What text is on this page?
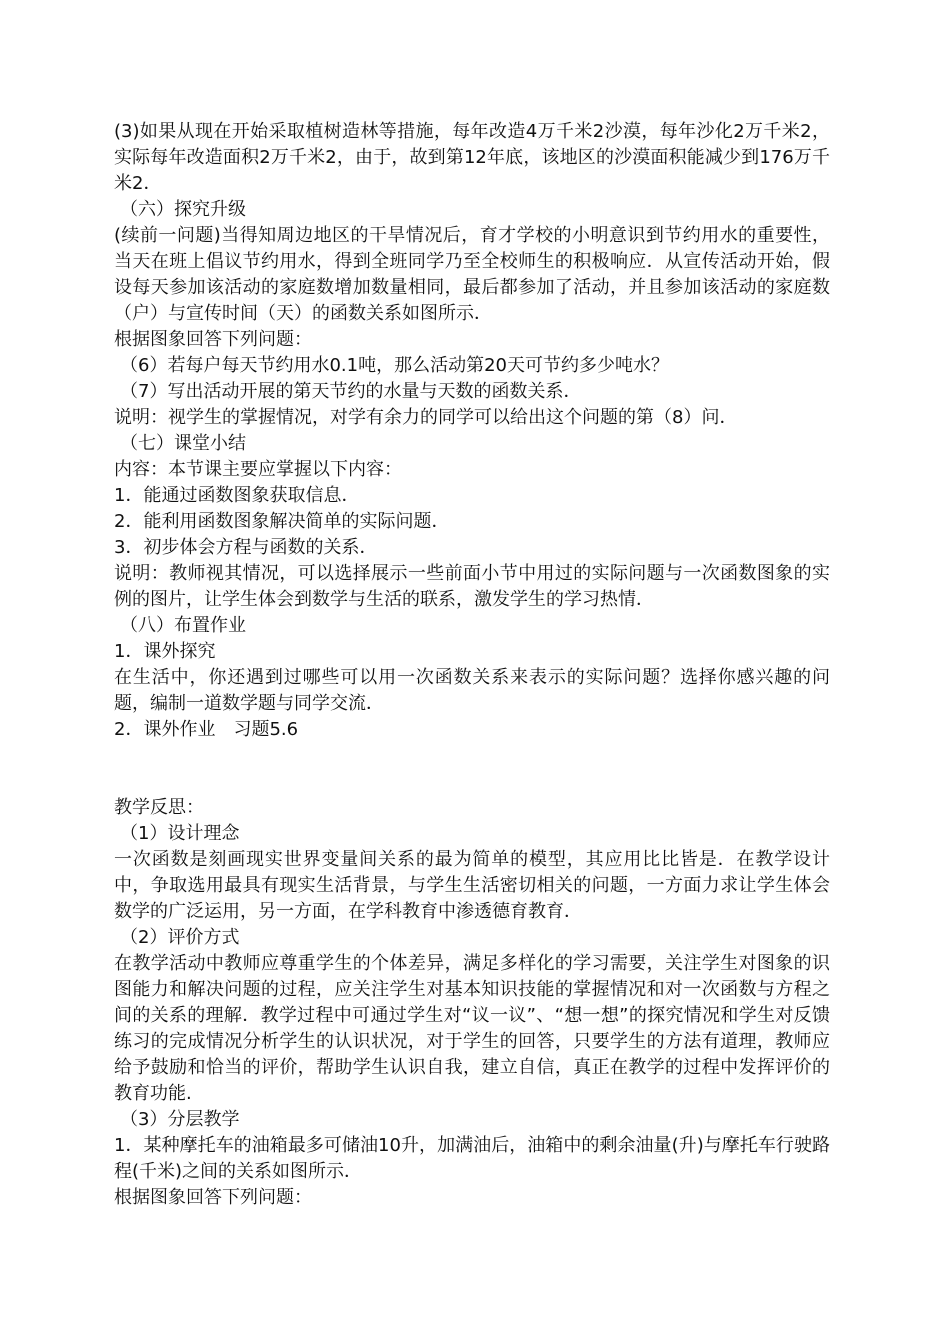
(3)如果从现在开始采取植树造林等措施，每年改造4万千米2沙漠，每年沙化2万千米2，实际每年改造面积2万千米2，由于，故到第12年底，该地区的沙漠面积能减少到176万千米2．

（六）探究升级

(续前一问题)当得知周边地区的干旱情况后，育才学校的小明意识到节约用水的重要性，当天在班上倡议节约用水，得到全班同学乃至全校师生的积极响应．从宣传活动开始，假设每天参加该活动的家庭数增加数量相同，最后都参加了活动，并且参加该活动的家庭数（户）与宣传时间（天）的函数关系如图所示．

根据图象回答下列问题：

（6）若每户每天节约用水0.1吨，那么活动第20天可节约多少吨水？

（7）写出活动开展的第天节约的水量与天数的函数关系．

说明：视学生的掌握情况，对学有余力的同学可以给出这个问题的第（8）问．

（七）课堂小结

内容：本节课主要应掌握以下内容：

1．能通过函数图象获取信息．

2．能利用函数图象解决简单的实际问题．

3．初步体会方程与函数的关系．

说明：教师视其情况，可以选择展示一些前面小节中用过的实际问题与一次函数图象的实例的图片，让学生体会到数学与生活的联系，激发学生的学习热情．

（八）布置作业

1．课外探究

在生活中，你还遇到过哪些可以用一次函数关系来表示的实际问题？选择你感兴趣的问题，编制一道数学题与同学交流．

2．课外作业　习题5.6

教学反思：

（1）设计理念

一次函数是刻画现实世界变量间关系的最为简单的模型，其应用比比皆是．在教学设计中，争取选用最具有现实生活背景，与学生生活密切相关的问题，一方面力求让学生体会数学的广泛运用，另一方面，在学科教育中渗透德育教育．

（2）评价方式

在教学活动中教师应尊重学生的个体差异，满足多样化的学习需要，关注学生对图象的识图能力和解决问题的过程，应关注学生对基本知识技能的掌握情况和对一次函数与方程之间的关系的理解．教学过程中可通过学生对“议一议”、“想一想”的探究情况和学生对反馈练习的完成情况分析学生的认识状况，对于学生的回答，只要学生的方法有道理，教师应给予鼓励和恰当的评价，帮助学生认识自我，建立自信，真正在教学的过程中发挥评价的教育功能.

（3）分层教学

1．某种摩托车的油箱最多可储油10升，加满油后，油箱中的剩余油量(升)与摩托车行驶路程(千米)之间的关系如图所示．

根据图象回答下列问题：
